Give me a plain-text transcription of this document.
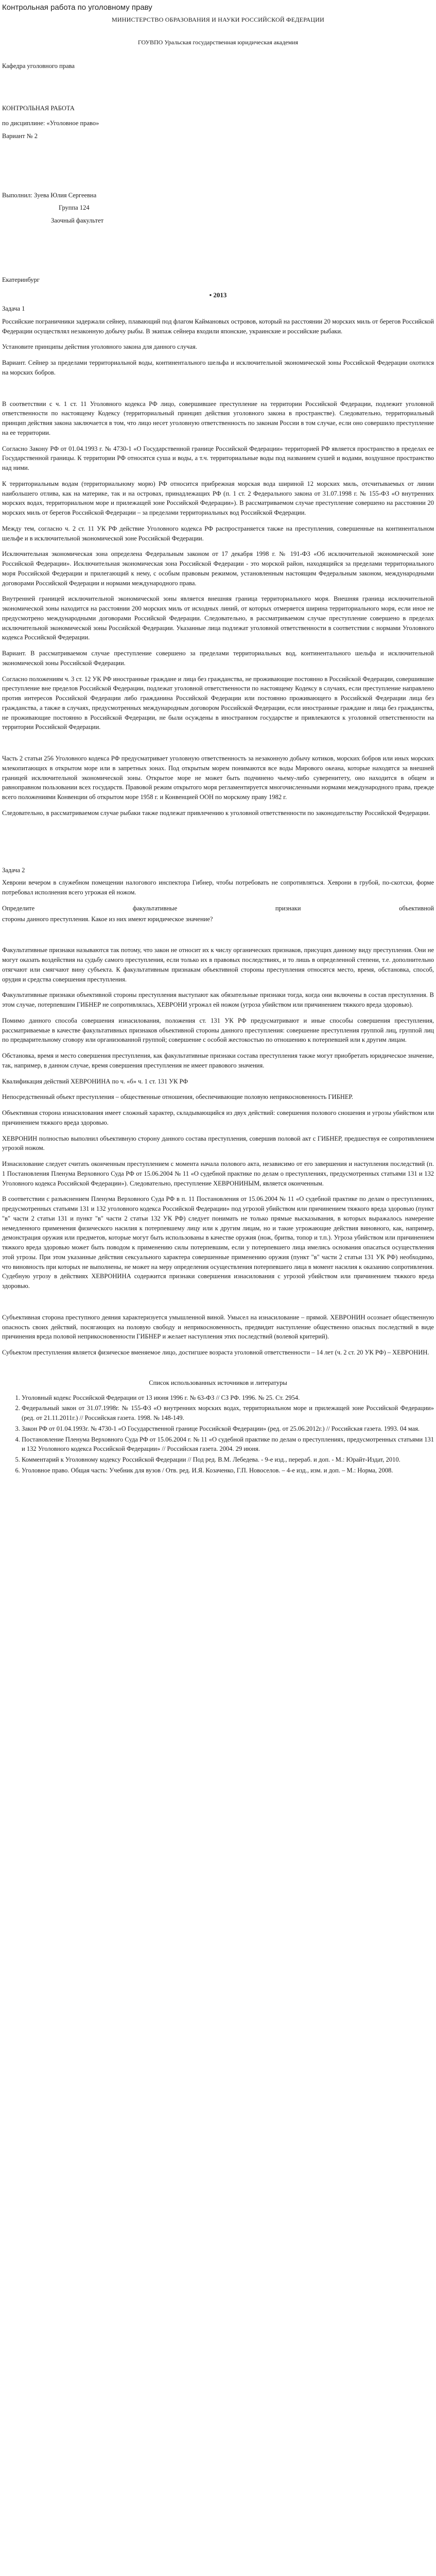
Контрольная работа по уголовному праву

МИНИСТЕРСТВО ОБРАЗОВАНИЯ И НАУКИ РОССИЙСКОЙ ФЕДЕРАЦИИ

ГОУВПО Уральская государственная юридическая академия

Кафедра уголовного права

КОНТРОЛЬНАЯ РАБОТА

по дисциплине: «Уголовное право»

Вариант № 2

Выполнил: Зуева Юлия Сергеевна

Группа 124

Заочный факультет

Екатеринбург

• 2013

Задача 1

Российские пограничники задержали сейнер, плавающий под флагом Каймановых островов, который на расстоянии 20 морских миль от берегов Российской Федерации осуществлял незаконную добычу рыбы. В экипаж сейнера входили японские, украинские и российские рыбаки.

Установите принципы действия уголовного закона для данного случая.

Вариант. Сейнер за пределами территориальной воды, континентального шельфа и исключительной экономической зоны Российской Федерации охотился на морских бобров.

В соответствии с ч. 1 ст. 11 Уголовного кодекса РФ лицо, совершившее преступление на территории Российской Федерации, подлежит уголовной ответственности по настоящему Кодексу (территориальный принцип действия уголовного закона в пространстве). Следовательно, территориальный принцип действия закона заключается в том, что лицо несет уголовную ответственность по законам России в том случае, если оно совершило преступление на ее территории.

Согласно Закону РФ от 01.04.1993 г. № 4730-1 «О Государственной границе Российской Федерации» территорией РФ является пространство в пределах ее Государственной границы. К территории РФ относятся суша и воды, а т.ч. территориальные воды под названием сушей и водами, воздушное пространство над ними.

К территориальным водам (территориальному морю) РФ относится прибрежная морская вода шириной 12 морских миль, отсчитываемых от линии наибольшего отлива, как на материке, так и на островах, принадлежащих РФ (п. 1 ст. 2 Федерального закона от 31.07.1998 г. № 155-ФЗ «О внутренних морских водах, территориальном море и прилежащей зоне Российской Федерации»). В рассматриваемом случае преступление совершено на расстоянии 20 морских миль от берегов Российской Федерации – за пределами территориальных вод Российской Федерации.

Между тем, согласно ч. 2 ст. 11 УК РФ действие Уголовного кодекса РФ распространяется также на преступления, совершенные на континентальном шельфе и в исключительной экономической зоне Российской Федерации.

Исключительная экономическая зона определена Федеральным законом от 17 декабря 1998 г. № 191-ФЗ «Об исключительной экономической зоне Российской Федерации». Исключительная экономическая зона Российской Федерации - это морской район, находящийся за пределами территориального моря Российской Федерации и прилегающий к нему, с особым правовым режимом, установленным настоящим Федеральным законом, международными договорами Российской Федерации и нормами международного права.

Внутренней границей исключительной экономической зоны является внешняя граница территориального моря. Внешняя граница исключительной экономической зоны находится на расстоянии 200 морских миль от исходных линий, от которых отмеряется ширина территориального моря, если иное не предусмотрено международными договорами Российской Федерации. Следовательно, в рассматриваемом случае преступление совершено в пределах исключительной экономической зоны Российской Федерации. Указанные лица подлежат уголовной ответственности в соответствии с нормами Уголовного кодекса Российской Федерации.

Вариант. В рассматриваемом случае преступление совершено за пределами территориальных вод, континентального шельфа и исключительной экономической зоны Российской Федерации.

Согласно положениям ч. 3 ст. 12 УК РФ иностранные граждане и лица без гражданства, не проживающие постоянно в Российской Федерации, совершившие преступление вне пределов Российской Федерации, подлежат уголовной ответственности по настоящему Кодексу в случаях, если преступление направлено против интересов Российской Федерации либо гражданина Российской Федерации или постоянно проживающего в Российской Федерации лица без гражданства, а также в случаях, предусмотренных международным договором Российской Федерации, если иностранные граждане и лица без гражданства, не проживающие постоянно в Российской Федерации, не были осуждены в иностранном государстве и привлекаются к уголовной ответственности на территории Российской Федерации.

Часть 2 статьи 256 Уголовного кодекса РФ предусматривает уголовную ответственность за незаконную добычу котиков, морских бобров или иных морских млекопитающих в открытом море или в запретных зонах. Под открытым морем понимаются все воды Мирового океана, которые находятся за внешней границей исключительной экономической зоны. Открытое море не может быть подчинено чьему-либо суверенитету, оно находится в общем и равноправном пользовании всех государств. Правовой режим открытого моря регламентируется многочисленными нормами международного права, прежде всего положениями Конвенции об открытом море 1958 г. и Конвенцией ООН по морскому праву 1982 г.

Следовательно, в рассматриваемом случае рыбаки также подлежат привлечению к уголовной ответственности по законодательству Российской Федерации.

Задача 2

Хеврони вечером в служебном помещении налогового инспектора Гибнер, чтобы потребовать не сопротивляться. Хеврони в грубой, по-скотски, форме потребовал исполнения всего угрожая ей ножом.

Определите	факультативные	признаки	объективной

стороны данного преступления. Какое из них имеют юридическое значение?

Факультативные признаки называются так потому, что закон не относит их к числу органических признаков, присущих данному виду преступления. Они не могут оказать воздействия на судьбу самого преступления, если только их в правовых последствиях, и то лишь в определенной степени, т.е. дополнительно отягчают или смягчают вину субъекта. К факультативным признакам объективной стороны преступления относятся место, время, обстановка, способ, орудия и средства совершения преступления.

Факультативные признаки объективной стороны преступления выступают как обязательные признаки тогда, когда они включены в состав преступления. В этом случае, потерпевшим ГИБНЕР не сопротивлялась, ХЕВРОНИ угрожал ей ножом (угроза убийством или причинением тяжкого вреда здоровью).

Помимо данного способа совершения изнасилования, положения ст. 131 УК РФ предусматривают и иные способы совершения преступления, рассматриваемые в качестве факультативных признаков объективной стороны данного преступления: совершение преступления группой лиц, группой лиц по предварительному сговору или организованной группой; совершение с особой жестокостью по отношению к потерпевшей или к другим лицам.

Обстановка, время и место совершения преступления, как факультативные признаки состава преступления также могут приобретать юридическое значение, так, например, в данном случае, время совершения преступления не имеет правового значения.

Квалификация действий ХЕВРОНИНА по ч. «б» ч. 1 ст. 131 УК РФ

Непосредственный объект преступления – общественные отношения, обеспечивающие половую неприкосновенность ГИБНЕР.

Объективная сторона изнасилования имеет сложный характер, складывающийся из двух действий: совершения полового сношения и угрозы убийством или причинением тяжкого вреда здоровью.

ХЕВРОНИН полностью выполнил объективную сторону данного состава преступления, совершив половой акт с ГИБНЕР, предшествуя ее сопротивлением угрозой ножом.

Изнасилование следует считать оконченным преступлением с момента начала полового акта, независимо от его завершения и наступления последствий (п. 1 Постановления Пленума Верховного Суда РФ от 15.06.2004 № 11 «О судебной практике по делам о преступлениях, предусмотренных статьями 131 и 132 Уголовного кодекса Российской Федерации»). Следовательно, преступление ХЕВРОНИНЫМ, является оконченным.

В соответствии с разъяснением Пленума Верховного Суда РФ в п. 11 Постановления от 15.06.2004 № 11 «О судебной практике по делам о преступлениях, предусмотренных статьями 131 и 132 уголовного кодекса Российской Федерации» под угрозой убийством или причинением тяжкого вреда здоровью (пункт "в" части 2 статьи 131 и пункт "в" части 2 статьи 132 УК РФ) следует понимать не только прямые высказывания, в которых выражалось намерение немедленного применения физического насилия к потерпевшему лицу или к другим лицам, но и такие угрожающие действия виновного, как, например, демонстрация оружия или предметов, которые могут быть использованы в качестве оружия (нож, бритва, топор и т.п.). Угроза убийством или причинением тяжкого вреда здоровью может быть поводом к применению силы потерпевшим, если у потерпевшего лица имелись основания опасаться осуществления этой угрозы. При этом указанные действия сексуального характера совершенные применению оружия (пункт "в" части 2 статьи 131 УК РФ) необходимо, что виновность при которых не выполнены, не может на меру определения осуществления потерпевшего лица в момент насилия к оказанию сопротивления. Судебную угрозу в действиях ХЕВРОНИНА содержится признаки совершения изнасилования с угрозой убийством или причинением тяжкого вреда здоровью.

Субъективная сторона преступного деяния характеризуется умышленной виной. Умысел на изнасилование – прямой. ХЕВРОНИН осознает общественную опасность своих действий, посягающих на половую свободу и неприкосновенность, предвидит наступление общественно опасных последствий в виде причинения вреда половой неприкосновенности ГИБНЕР и желает наступления этих последствий (волевой критерий).

Субъектом преступления является физическое вменяемое лицо, достигшее возраста уголовной ответственности – 14 лет (ч. 2 ст. 20 УК РФ) – ХЕВРОНИН.

Список использованных источников и литературы

1. Уголовный кодекс Российской Федерации от 13 июня 1996 г. № 63-ФЗ // СЗ РФ. 1996. № 25. Ст. 2954.
2. Федеральный закон от 31.07.1998г. № 155-ФЗ «О внутренних морских водах, территориальном море и прилежащей зоне Российской Федерации» (ред. от 21.11.2011г.) // Российская газета. 1998. № 148-149.
3. Закон РФ от 01.04.1993г. № 4730-1 «О Государственной границе Российской Федерации» (ред. от 25.06.2012г.) // Российская газета. 1993. 04 мая.
4. Постановление Пленума Верховного Суда РФ от 15.06.2004 г. № 11 «О судебной практике по делам о преступлениях, предусмотренных статьями 131 и 132 Уголовного кодекса Российской Федерации» // Российская газета. 2004. 29 июня.
5. Комментарий к Уголовному кодексу Российской Федерации // Под ред. В.М. Лебедева. - 9-е изд., перераб. и доп. - М.: Юрайт-Издат, 2010.
6. Уголовное право. Общая часть: Учебник для вузов / Отв. ред. И.Я. Козаченко, Г.П. Новоселов. – 4-е изд., изм. и доп. – М.: Норма, 2008.
